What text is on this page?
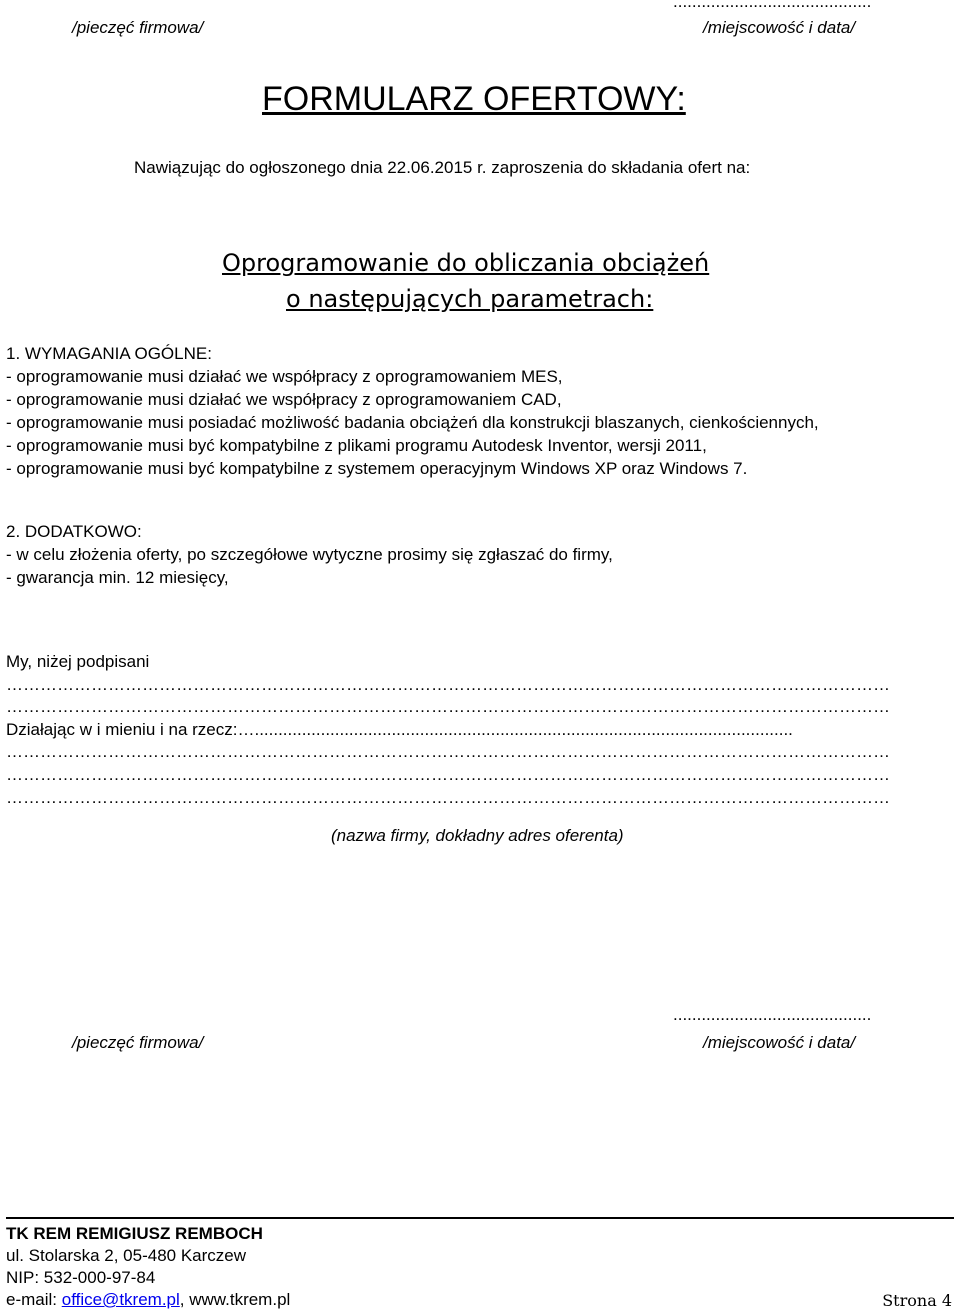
..........................................
/pieczęć firmowa/	/miejscowość i data/
FORMULARZ OFERTOWY:
Nawiązując do ogłoszonego dnia 22.06.2015 r. zaproszenia do składania ofert na:
Oprogramowanie do obliczania obciążeń
o następujących parametrach:
1. WYMAGANIA OGÓLNE:
- oprogramowanie musi działać we współpracy z oprogramowaniem MES,
- oprogramowanie musi działać we współpracy z oprogramowaniem CAD,
- oprogramowanie musi posiadać możliwość badania obciążeń dla konstrukcji blaszanych, cienkościennych,
- oprogramowanie musi być kompatybilne z plikami programu Autodesk Inventor, wersji 2011,
- oprogramowanie musi być kompatybilne z systemem operacyjnym Windows XP oraz Windows 7.
2. DODATKOWO:
- w celu złożenia oferty, po szczegółowe wytyczne prosimy się zgłaszać do firmy,
- gwarancja min. 12 miesięcy,
My, niżej podpisani
…………………………………………………………………………………………………………………………………………
…………………………………………………………………………………………………………………………………………
Działając w i mieniu i na rzecz:…..................................................................................................................
…………………………………………………………………………………………………………………………………………
…………………………………………………………………………………………………………………………………………
…………………………………………………………………………………………………………………………………………
(nazwa firmy, dokładny adres oferenta)
..........................................
/pieczęć firmowa/	/miejscowość i data/
TK REM REMIGIUSZ REMBOCH
ul. Stolarska 2, 05-480 Karczew
NIP: 532-000-97-84
e-mail: office@tkrem.pl, www.tkrem.pl	Strona 4
